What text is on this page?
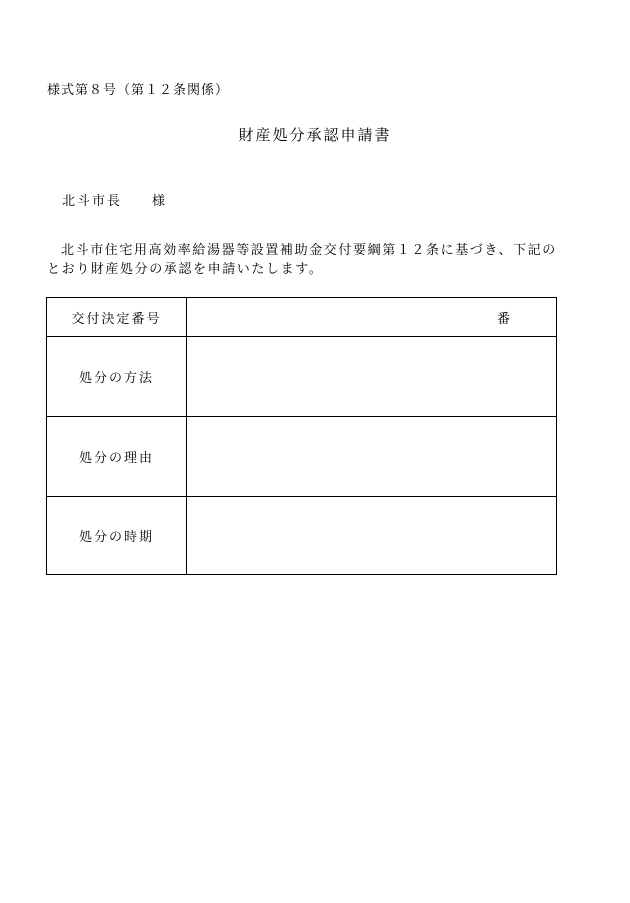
様式第８号（第１２条関係）
財産処分承認申請書
北斗市長 様
北斗市住宅用高効率給湯器等設置補助金交付要綱第１２条に基づき、下記の
とおり財産処分の承認を申請いたします。
交付決定番号	番

処分の方法	
処分の理由	
処分の時期	
